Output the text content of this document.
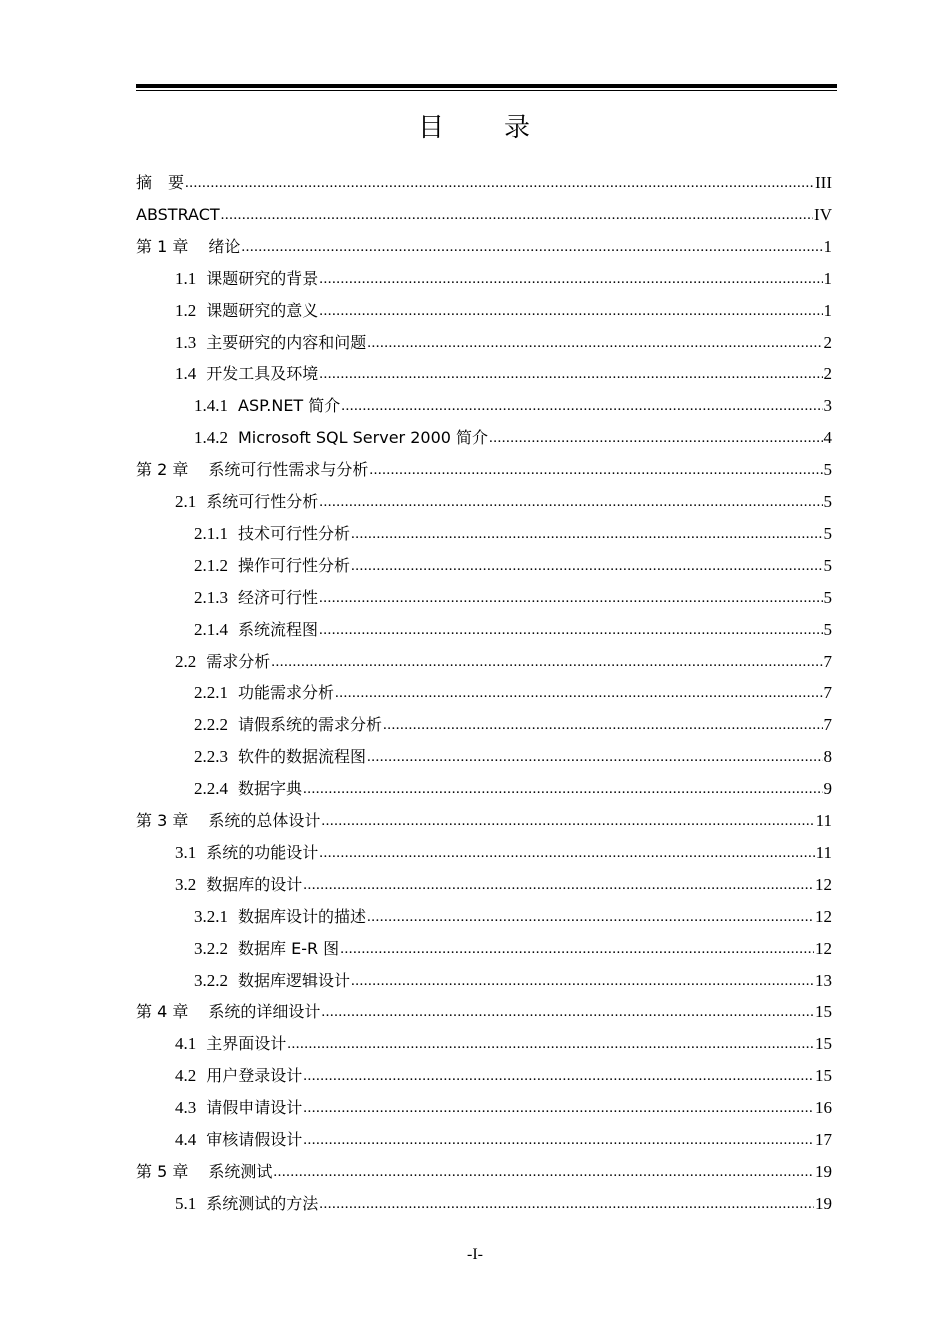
目 录
摘　要 .....	III
ABSTRACT .....	IV
第 1 章 绪论 .....	1
1.1 课题研究的背景 .....	1
1.2 课题研究的意义 .....	1
1.3 主要研究的内容和问题 .....	2
1.4 开发工具及环境 .....	2
1.4.1 ASP.NET 简介 .....	3
1.4.2 Microsoft SQL Server 2000 简介 .....	4
第 2 章 系统可行性需求与分析 .....	5
2.1 系统可行性分析 .....	5
2.1.1 技术可行性分析 .....	5
2.1.2 操作可行性分析 .....	5
2.1.3 经济可行性 .....	5
2.1.4 系统流程图 .....	5
2.2 需求分析 .....	7
2.2.1 功能需求分析 .....	7
2.2.2 请假系统的需求分析 .....	7
2.2.3 软件的数据流程图 .....	8
2.2.4 数据字典 .....	9
第 3 章 系统的总体设计 .....	11
3.1 系统的功能设计 .....	11
3.2 数据库的设计 .....	12
3.2.1 数据库设计的描述 .....	12
3.2.2 数据库 E-R 图 .....	12
3.2.2 数据库逻辑设计 .....	13
第 4 章 系统的详细设计 .....	15
4.1 主界面设计 .....	15
4.2 用户登录设计 .....	15
4.3 请假申请设计 .....	16
4.4 审核请假设计 .....	17
第 5 章 系统测试 .....	19
5.1 系统测试的方法 .....	19
-I-
